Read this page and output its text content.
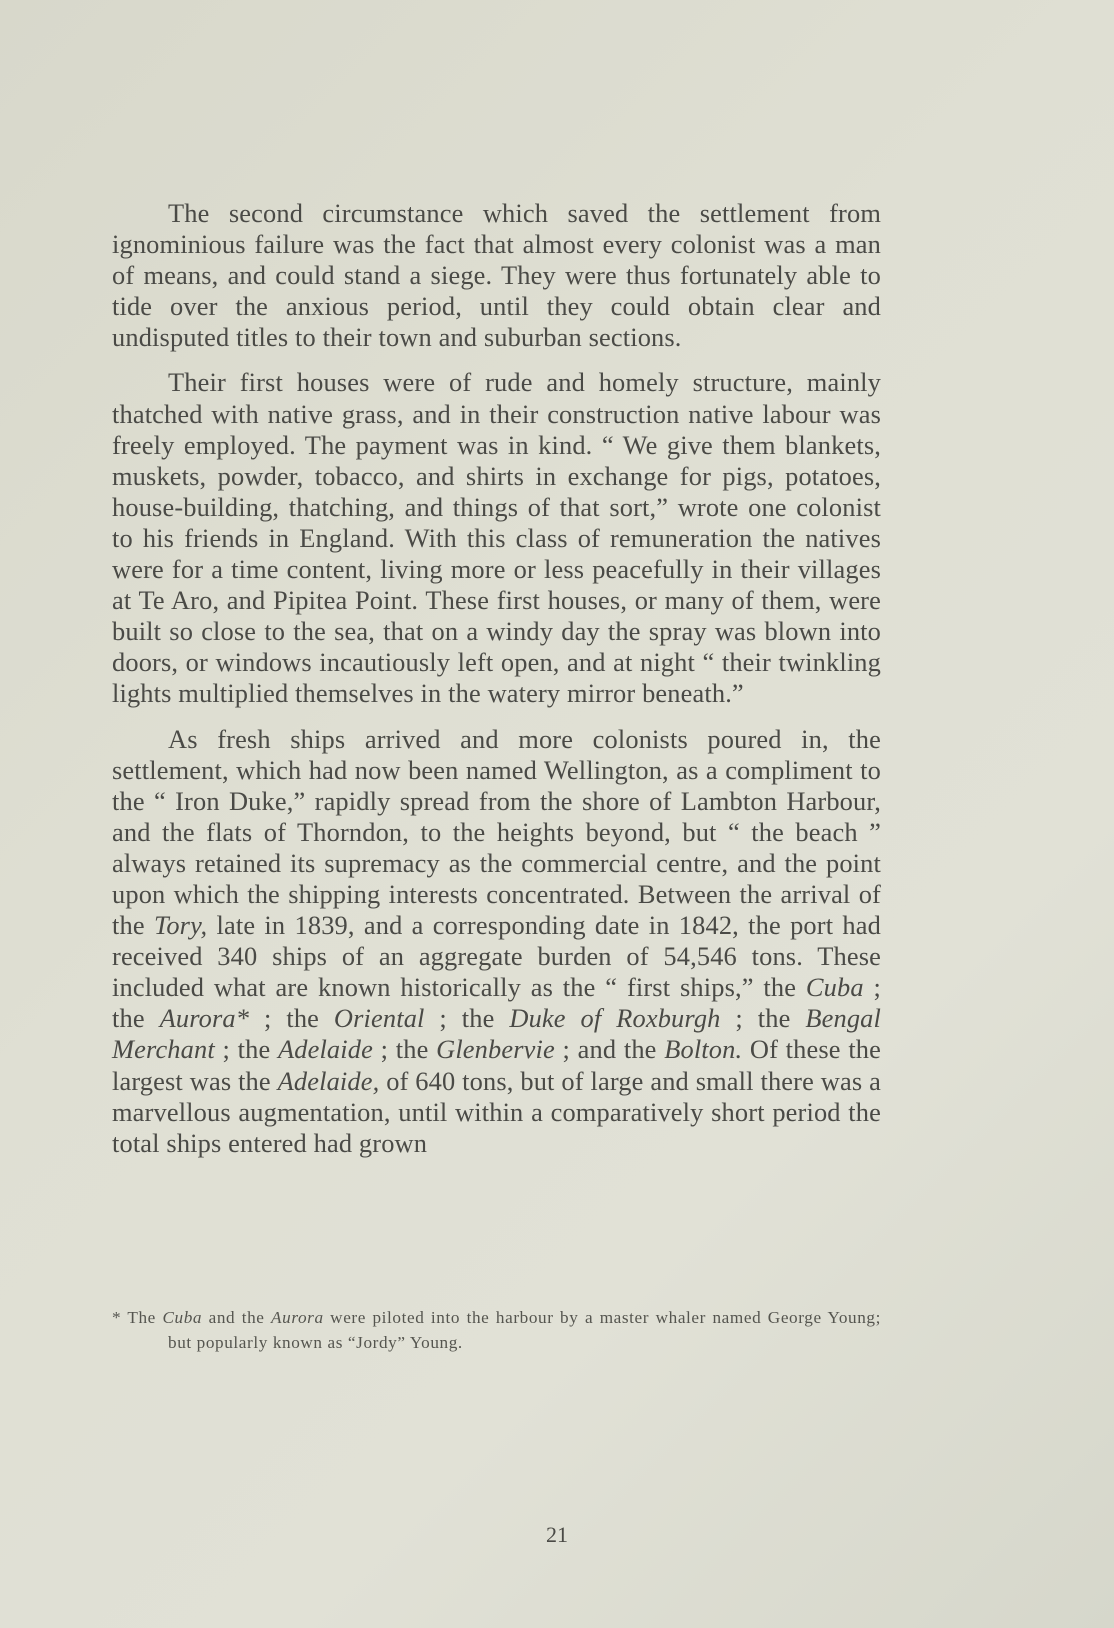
The second circumstance which saved the settlement from ignominious failure was the fact that almost every colonist was a man of means, and could stand a siege. They were thus fortunately able to tide over the anxious period, until they could obtain clear and undisputed titles to their town and suburban sections.

Their first houses were of rude and homely structure, mainly thatched with native grass, and in their construction native labour was freely employed. The payment was in kind. “ We give them blankets, muskets, powder, tobacco, and shirts in exchange for pigs, potatoes, house-building, thatching, and things of that sort,” wrote one colonist to his friends in England. With this class of remuneration the natives were for a time content, living more or less peacefully in their villages at Te Aro, and Pipitea Point. These first houses, or many of them, were built so close to the sea, that on a windy day the spray was blown into doors, or windows incautiously left open, and at night “ their twinkling lights multiplied themselves in the watery mirror beneath.”

As fresh ships arrived and more colonists poured in, the settlement, which had now been named Wellington, as a compliment to the “ Iron Duke,” rapidly spread from the shore of Lambton Harbour, and the flats of Thorndon, to the heights beyond, but “ the beach ” always retained its supremacy as the commercial centre, and the point upon which the shipping interests concentrated. Between the arrival of the Tory, late in 1839, and a corresponding date in 1842, the port had received 340 ships of an aggregate burden of 54,546 tons. These included what are known historically as the “ first ships,” the Cuba ; the Aurora* ; the Oriental ; the Duke of Roxburgh ; the Bengal Merchant ; the Adelaide ; the Glenbervie ; and the Bolton. Of these the largest was the Adelaide, of 640 tons, but of large and small there was a marvellous augmentation, until within a comparatively short period the total ships entered had grown

* The Cuba and the Aurora were piloted into the harbour by a master whaler named George Young; but popularly known as “Jordy” Young.
21
